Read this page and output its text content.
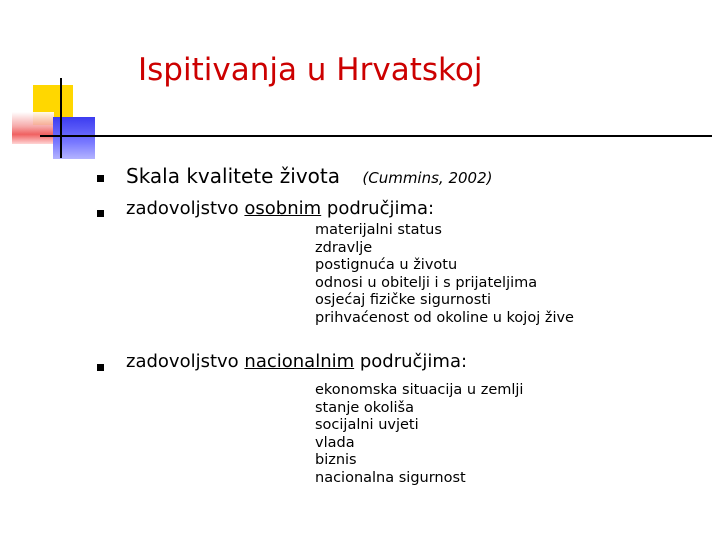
Ispitivanja u Hrvatskoj
Skala kvalitete života (Cummins, 2002)
zadovoljstvo osobnim područjima:
materijalni status
zdravlje
postignuća u životu
odnosi u obitelji i s prijateljima
osjećaj fizičke sigurnosti
prihvaćenost od okoline u kojoj žive
zadovoljstvo nacionalnim područjima:
ekonomska situacija u zemlji
stanje okoliša
socijalni uvjeti
vlada
biznis
nacionalna sigurnost
